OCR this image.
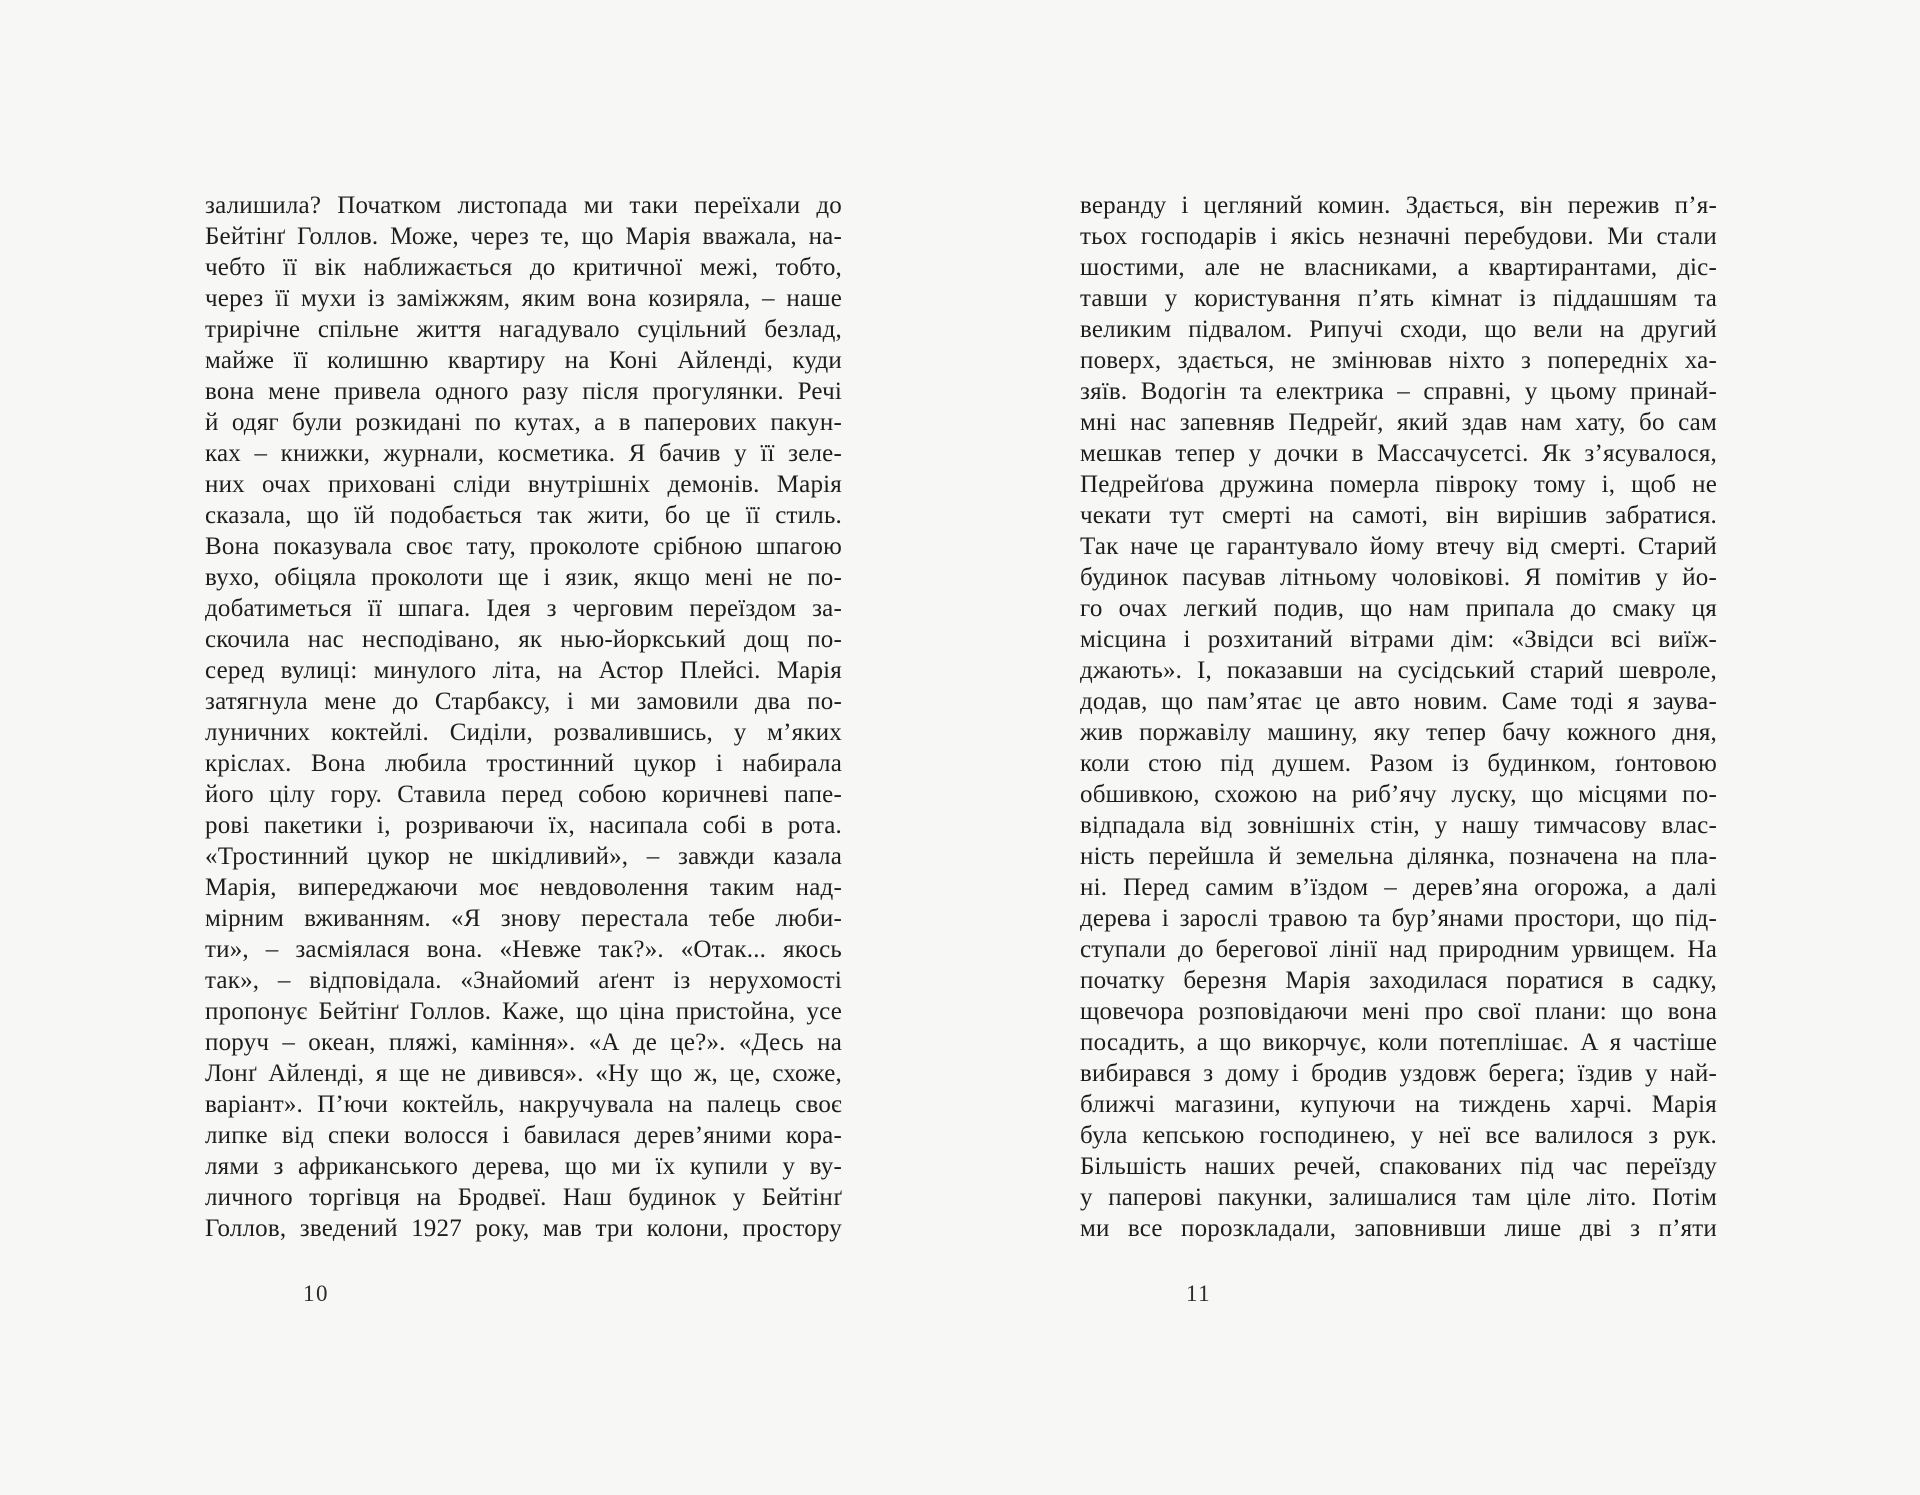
залишила? Початком листопада ми таки переїхали до
Бейтінґ Голлов. Може, через те, що Марія вважала, на-
чебто її вік наближається до критичної межі, тобто,
через її мухи із заміжжям, яким вона козиряла, – наше
трирічне спільне життя нагадувало суцільний безлад,
майже її колишню квартиру на Коні Айленді, куди
вона мене привела одного разу після прогулянки. Речі
й одяг були розкидані по кутах, а в паперових пакун-
ках – книжки, журнали, косметика. Я бачив у її зеле-
них очах приховані сліди внутрішніх демонів. Марія
сказала, що їй подобається так жити, бо це її стиль.
Вона показувала своє тату, проколоте срібною шпагою
вухо, обіцяла проколоти ще і язик, якщо мені не по-
добатиметься її шпага. Ідея з черговим переїздом за-
скочила нас несподівано, як нью-йоркський дощ по-
серед вулиці: минулого літа, на Астор Плейсі. Марія
затягнула мене до Старбаксу, і ми замовили два по-
луничних коктейлі. Сиділи, розвалившись, у м’яких
кріслах. Вона любила тростинний цукор і набирала
його цілу гору. Ставила перед собою коричневі папе-
рові пакетики і, розриваючи їх, насипала собі в рота.
«Тростинний цукор не шкідливий», – завжди казала
Марія, випереджаючи моє невдоволення таким над-
мірним вживанням. «Я знову перестала тебе люби-
ти», – засміялася вона. «Невже так?». «Отак... якось
так», – відповідала. «Знайомий аґент із нерухомості
пропонує Бейтінґ Голлов. Каже, що ціна пристойна, усе
поруч – океан, пляжі, каміння». «А де це?». «Десь на
Лонґ Айленді, я ще не дивився». «Ну що ж, це, схоже,
варіант». П’ючи коктейль, накручувала на палець своє
липке від спеки волосся і бавилася дерев’яними кора-
лями з африканського дерева, що ми їх купили у ву-
личного торгівця на Бродвеї. Наш будинок у Бейтінґ
Голлов, зведений 1927 року, мав три колони, простору
10
веранду і цегляний комин. Здається, він пережив п’я-
тьох господарів і якісь незначні перебудови. Ми стали
шостими, але не власниками, а квартирантами, діс-
тавши у користування п’ять кімнат із піддашшям та
великим підвалом. Рипучі сходи, що вели на другий
поверх, здається, не змінював ніхто з попередніх ха-
зяїв. Водогін та електрика – справні, у цьому принай-
мні нас запевняв Педрейґ, який здав нам хату, бо сам
мешкав тепер у дочки в Массачусетсі. Як з’ясувалося,
Педрейґова дружина померла півроку тому і, щоб не
чекати тут смерті на самоті, він вирішив забратися.
Так наче це гарантувало йому втечу від смерті. Старий
будинок пасував літньому чоловікові. Я помітив у йо-
го очах легкий подив, що нам припала до смаку ця
місцина і розхитаний вітрами дім: «Звідси всі виїж-
джають». І, показавши на сусідський старий шевроле,
додав, що пам’ятає це авто новим. Саме тоді я заува-
жив поржавілу машину, яку тепер бачу кожного дня,
коли стою під душем. Разом із будинком, ґонтовою
обшивкою, схожою на риб’ячу луску, що місцями по-
відпадала від зовнішніх стін, у нашу тимчасову влас-
ність перейшла й земельна ділянка, позначена на пла-
ні. Перед самим в’їздом – дерев’яна огорожа, а далі
дерева і зарослі травою та бур’янами простори, що під-
ступали до берегової лінії над природним урвищем. На
початку березня Марія заходилася поратися в садку,
щовечора розповідаючи мені про свої плани: що вона
посадить, а що викорчує, коли потеплішає. А я частіше
вибирався з дому і бродив уздовж берега; їздив у най-
ближчі магазини, купуючи на тиждень харчі. Марія
була кепською господинею, у неї все валилося з рук.
Більшість наших речей, спакованих під час переїзду
у паперові пакунки, залишалися там ціле літо. Потім
ми все порозкладали, заповнивши лише дві з п’яти
11
